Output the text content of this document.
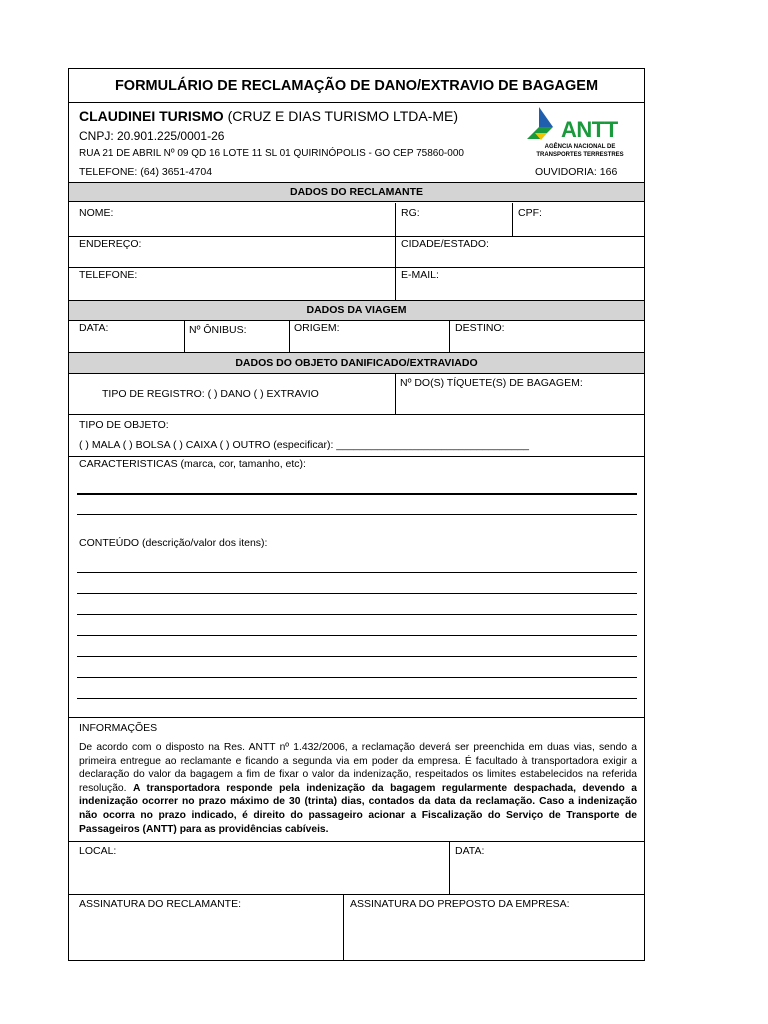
FORMULÁRIO DE RECLAMAÇÃO DE DANO/EXTRAVIO DE BAGAGEM
CLAUDINEI TURISMO (CRUZ E DIAS TURISMO LTDA-ME)
CNPJ: 20.901.225/0001-26
RUA 21 DE ABRIL Nº 09 QD 16 LOTE 11 SL 01 QUIRINÓPOLIS - GO CEP 75860-000
TELEFONE: (64) 3651-4704	OUVIDORIA: 166
ANTT
AGÊNCIA NACIONAL DE
TRANSPORTES TERRESTRES
DADOS DO RECLAMANTE
NOME:	RG:	CPF:
ENDEREÇO:	CIDADE/ESTADO:
TELEFONE:	E-MAIL:
DADOS DA VIAGEM
DATA:	Nº ÔNIBUS:	ORIGEM:	DESTINO:
DADOS DO OBJETO DANIFICADO/EXTRAVIADO
TIPO DE REGISTRO: ( ) DANO ( ) EXTRAVIO
Nº DO(S) TÍQUETE(S) DE BAGAGEM:
TIPO DE OBJETO:
( ) MALA ( ) BOLSA ( ) CAIXA ( ) OUTRO (especificar): _________________________________
CARACTERISTICAS (marca, cor, tamanho, etc):
CONTEÚDO (descrição/valor dos itens):
INFORMAÇÕES
De acordo com o disposto na Res. ANTT nº 1.432/2006, a reclamação deverá ser preenchida em duas vias, sendo a primeira entregue ao reclamante e ficando a segunda via em poder da empresa. É facultado à transportadora exigir a declaração do valor da bagagem a fim de fixar o valor da indenização, respeitados os limites estabelecidos na referida resolução. A transportadora responde pela indenização da bagagem regularmente despachada, devendo a indenização ocorrer no prazo máximo de 30 (trinta) dias, contados da data da reclamação. Caso a indenização não ocorra no prazo indicado, é direito do passageiro acionar a Fiscalização do Serviço de Transporte de Passageiros (ANTT) para as providências cabíveis.
LOCAL:	DATA:
ASSINATURA DO RECLAMANTE:	ASSINATURA DO PREPOSTO DA EMPRESA:
